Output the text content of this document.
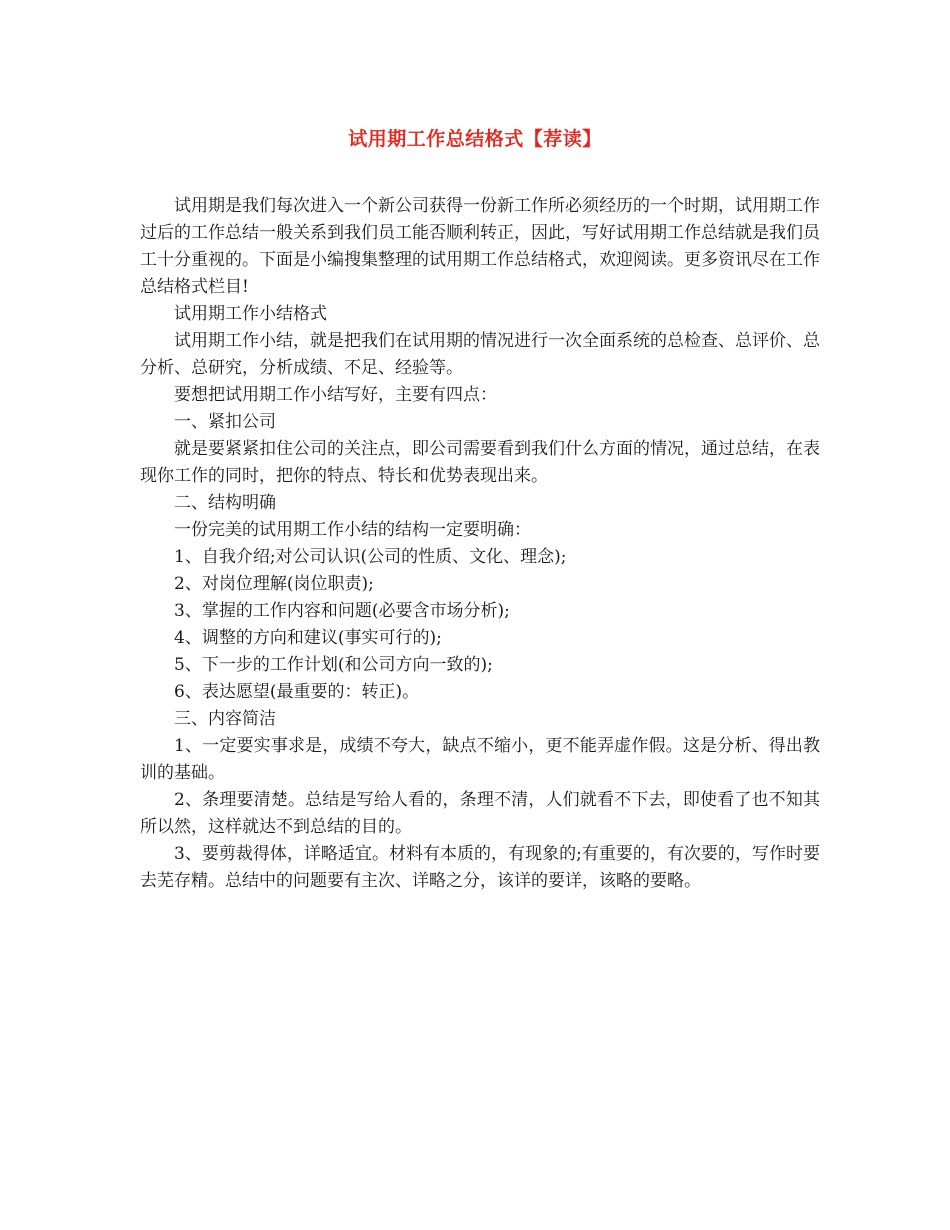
试用期工作总结格式【荐读】

试用期是我们每次进入一个新公司获得一份新工作所必须经历的一个时期，试用期工作过后的工作总结一般关系到我们员工能否顺利转正，因此，写好试用期工作总结就是我们员工十分重视的。下面是小编搜集整理的试用期工作总结格式，欢迎阅读。更多资讯尽在工作总结格式栏目!

试用期工作小结格式

试用期工作小结，就是把我们在试用期的情况进行一次全面系统的总检查、总评价、总分析、总研究，分析成绩、不足、经验等。

要想把试用期工作小结写好，主要有四点：

一、紧扣公司

就是要紧紧扣住公司的关注点，即公司需要看到我们什么方面的情况，通过总结，在表现你工作的同时，把你的特点、特长和优势表现出来。

二、结构明确

一份完美的试用期工作小结的结构一定要明确：

1、自我介绍;对公司认识(公司的性质、文化、理念);

2、对岗位理解(岗位职责);

3、掌握的工作内容和问题(必要含市场分析);

4、调整的方向和建议(事实可行的);

5、下一步的工作计划(和公司方向一致的);

6、表达愿望(最重要的：转正)。

三、内容简洁

1、一定要实事求是，成绩不夸大，缺点不缩小，更不能弄虚作假。这是分析、得出教训的基础。

2、条理要清楚。总结是写给人看的，条理不清，人们就看不下去，即使看了也不知其所以然，这样就达不到总结的目的。

3、要剪裁得体，详略适宜。材料有本质的，有现象的;有重要的，有次要的，写作时要去芜存精。总结中的问题要有主次、详略之分，该详的要详，该略的要略。
